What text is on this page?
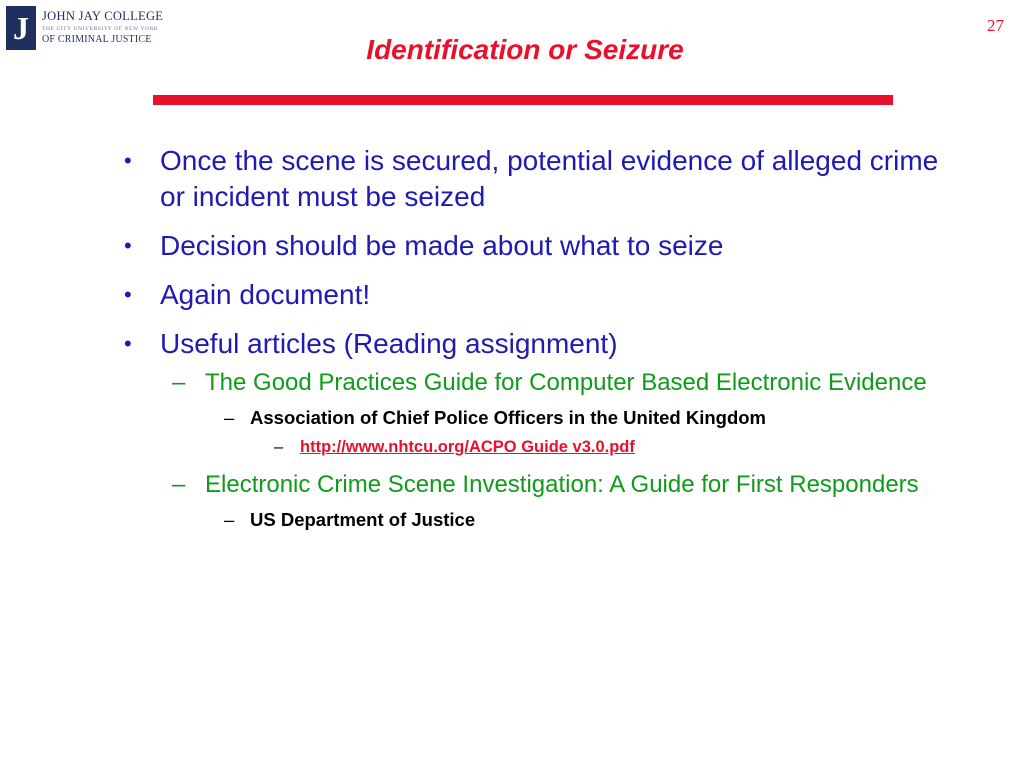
J	JOHN JAY COLLEGE
THE CITY UNIVERSITY OF NEW YORK
OF CRIMINAL JUSTICE
27
Identification or Seizure
• Once the scene is secured, potential evidence of alleged crime or incident must be seized
• Decision should be made about what to seize
• Again document!
• Useful articles (Reading assignment)
– The Good Practices Guide for Computer Based Electronic Evidence
– Association of Chief Police Officers in the United Kingdom
– http://www.nhtcu.org/ACPO Guide v3.0.pdf
– Electronic Crime Scene Investigation: A Guide for First Responders
– US Department of Justice
